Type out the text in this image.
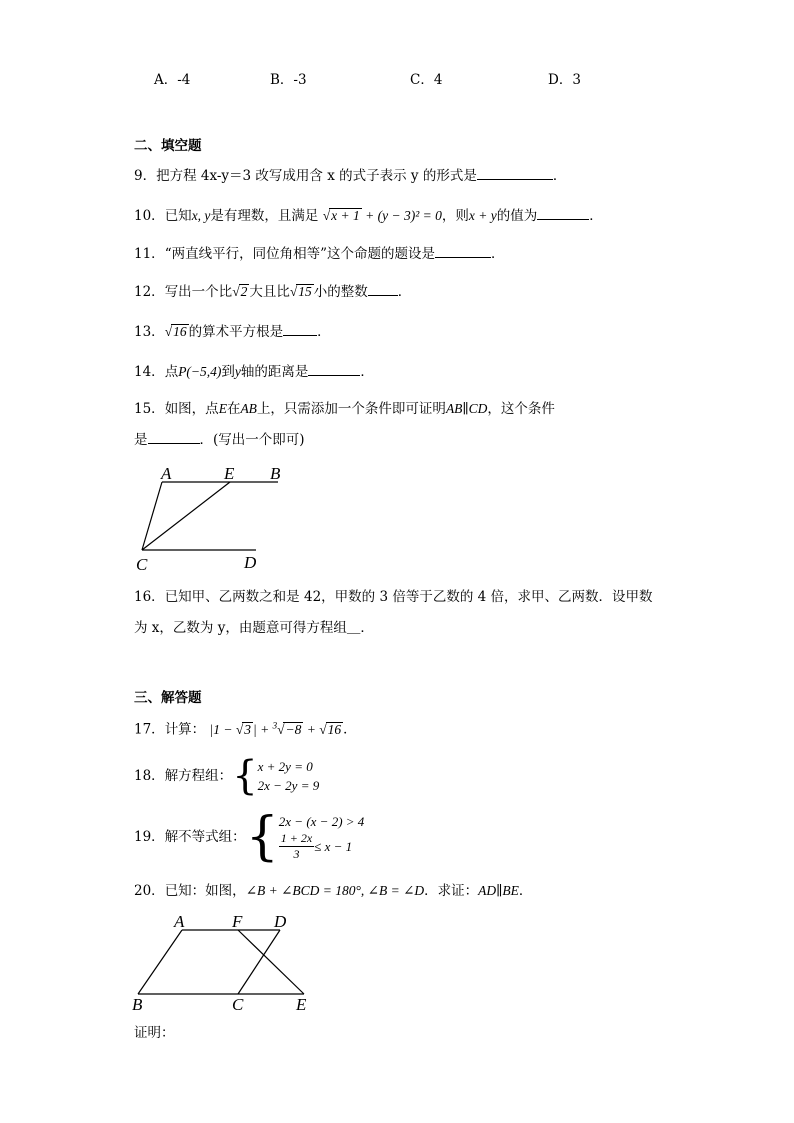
A．-4	B．-3	C．4	D．3
二、填空题
9．把方程 4x-y＝3 改写成用含 x 的式子表示 y 的形式是	．
10．已知x, y是有理数，且满足 √x + 1 + (y − 3)² = 0，则x + y的值为	．
11．“两直线平行，同位角相等”这个命题的题设是	．
12．写出一个比√2 大且比√15 小的整数 ．
13．√16 的算术平方根是	．
14．点P(−5,4)到y轴的距离是	．
15．如图，点E在AB上，只需添加一个条件即可证明AB∥CD，这个条件
是	．(写出一个即可)
A	E B
C	D
16．已知甲、乙两数之和是 42，甲数的 3 倍等于乙数的 4 倍，求甲、乙两数．设甲数
为 x，乙数为 y，由题意可得方程组＿．
三、解答题
17．计算： |1 − √3 | + $^3$√−8 + √16 ．
18．解方程组：{x + 2y = 0
2x − 2y = 9
19．解不等式组：{2x − (x − 2) > 4

$\frac{1 + 2x}{3} \le x - 1$
20．已知：如图，∠B + ∠BCD = 180°, ∠B = ∠D．求证：AD∥BE．
A	F D
B	C	E
证明：
